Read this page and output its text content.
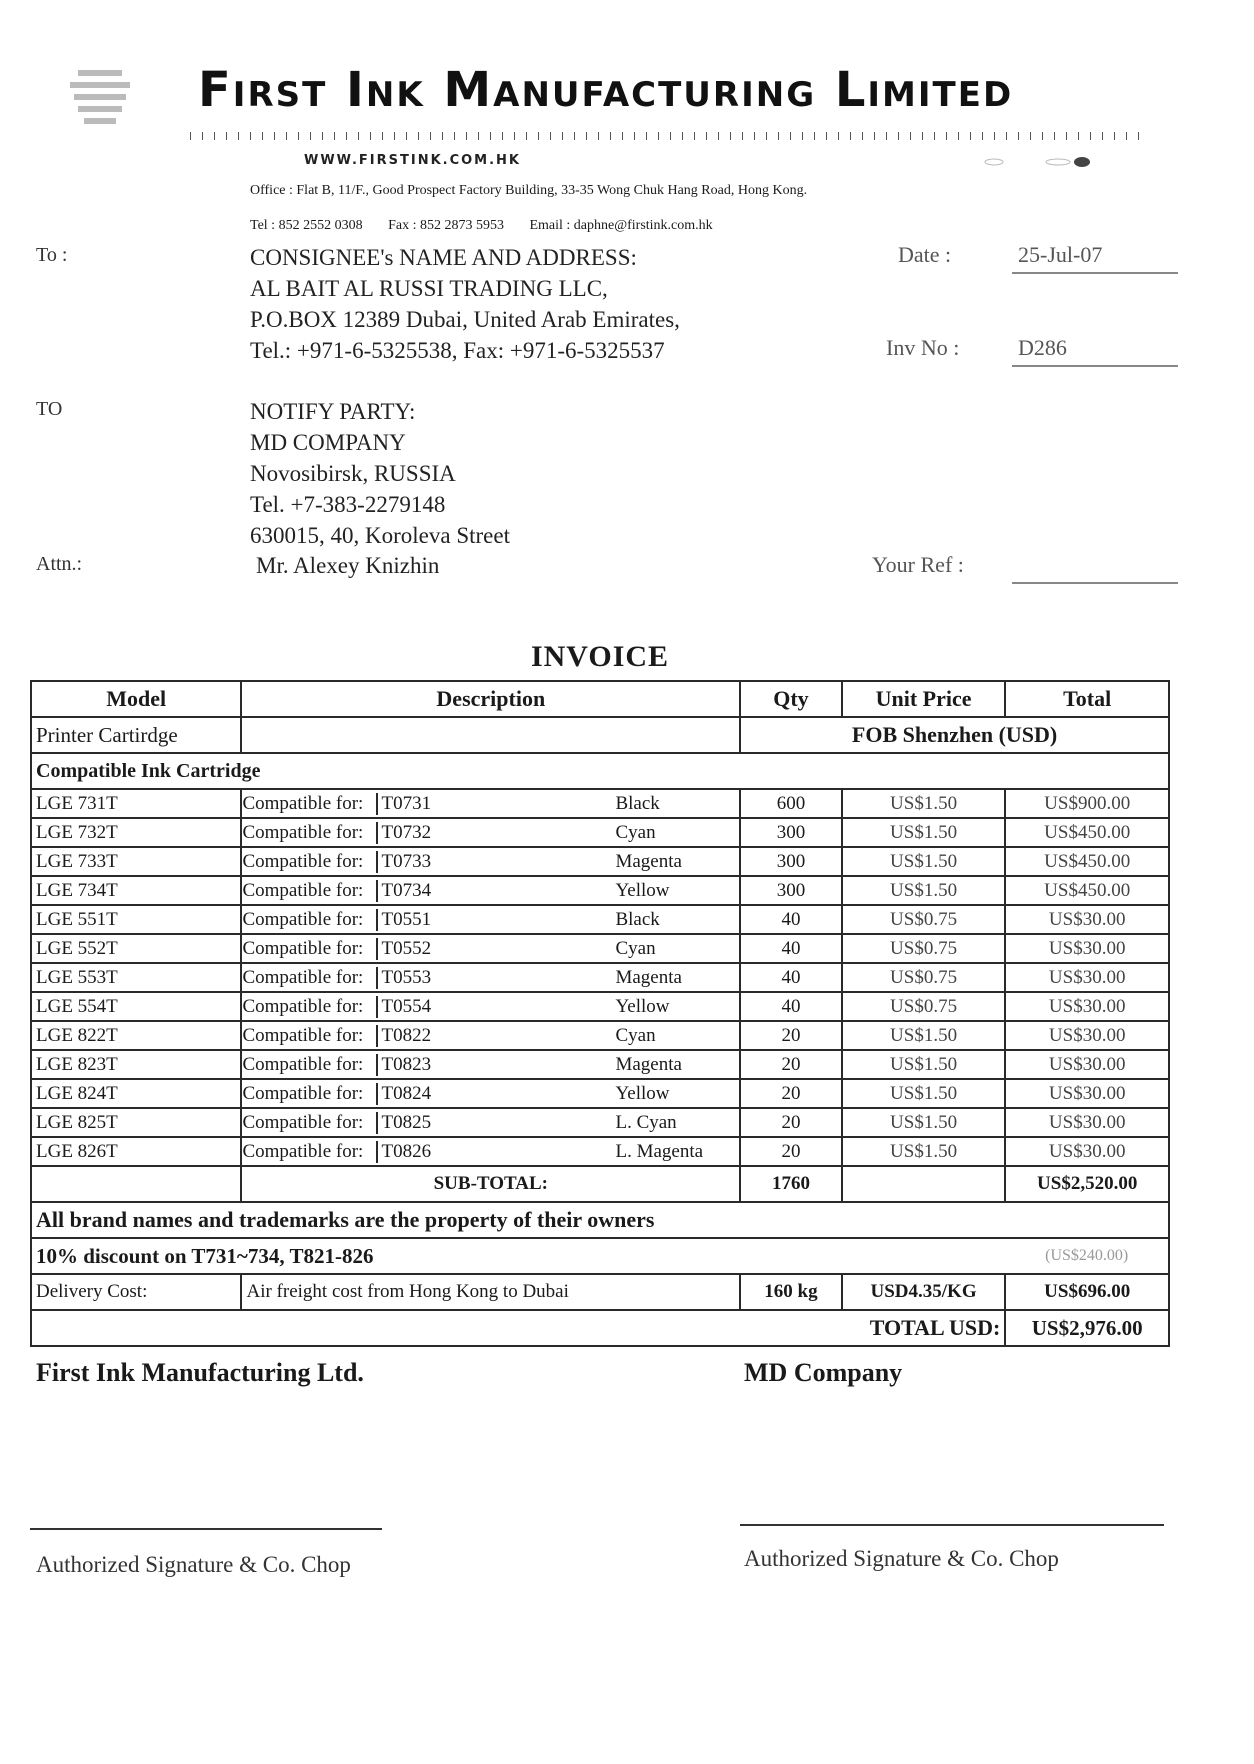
First Ink Manufacturing Limited
WWW.FIRSTINK.COM.HK
Office : Flat B, 11/F., Good Prospect Factory Building, 33-35 Wong Chuk Hang Road, Hong Kong.
Tel : 852 2552 0308 Fax : 852 2873 5953 Email : daphne@firstink.com.hk
To :	CONSIGNEE's NAME AND ADDRESS:
AL BAIT AL RUSSI TRADING LLC,
P.O.BOX 12389 Dubai, United Arab Emirates,
Tel.: +971-6-5325538, Fax: +971-6-5325537
Date :	25-Jul-07
Inv No :	D286
TO	NOTIFY PARTY:
MD COMPANY
Novosibirsk, RUSSIA
Tel. +7-383-2279148
630015, 40, Koroleva Street
Attn.:	Mr. Alexey Knizhin	Your Ref :
INVOICE
Model	Description	Qty	Unit Price	Total
Printer Cartirdge		FOB Shenzhen (USD)		
Compatible Ink Cartridge				
LGE 731T	Compatible for: T0731 Black	600	US$1.50	US$900.00
LGE 732T	Compatible for: T0732 Cyan	300	US$1.50	US$450.00
LGE 733T	Compatible for: T0733 Magenta	300	US$1.50	US$450.00
LGE 734T	Compatible for: T0734 Yellow	300	US$1.50	US$450.00
LGE 551T	Compatible for: T0551 Black	40	US$0.75	US$30.00
LGE 552T	Compatible for: T0552 Cyan	40	US$0.75	US$30.00
LGE 553T	Compatible for: T0553 Magenta	40	US$0.75	US$30.00
LGE 554T	Compatible for: T0554 Yellow	40	US$0.75	US$30.00
LGE 822T	Compatible for: T0822 Cyan	20	US$1.50	US$30.00
LGE 823T	Compatible for: T0823 Magenta	20	US$1.50	US$30.00
LGE 824T	Compatible for: T0824 Yellow	20	US$1.50	US$30.00
LGE 825T	Compatible for: T0825 L. Cyan	20	US$1.50	US$30.00
LGE 826T	Compatible for: T0826 L. Magenta	20	US$1.50	US$30.00
	SUB-TOTAL:	1760		US$2,520.00
All brand names and trademarks are the property of their owners				
10% discount on T731~734, T821-826				(US$240.00)
Delivery Cost:	Air freight cost from Hong Kong to Dubai	160 kg	USD4.35/KG	US$696.00
TOTAL USD:				US$2,976.00
First Ink Manufacturing Ltd.	MD Company
Authorized Signature & Co. Chop	Authorized Signature & Co. Chop
